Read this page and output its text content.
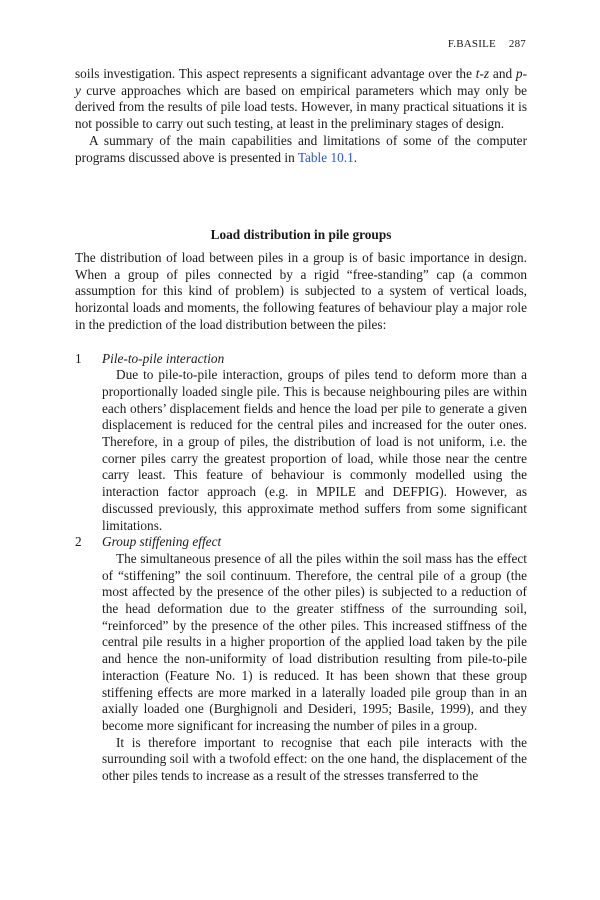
F.BASILE 287

soils investigation. This aspect represents a significant advantage over the t-z and p-y curve approaches which are based on empirical parameters which may only be derived from the results of pile load tests. However, in many practical situations it is not possible to carry out such testing, at least in the preliminary stages of design.

A summary of the main capabilities and limitations of some of the computer programs discussed above is presented in Table 10.1.

Load distribution in pile groups

The distribution of load between piles in a group is of basic importance in design. When a group of piles connected by a rigid “free-standing” cap (a common assumption for this kind of problem) is subjected to a system of vertical loads, horizontal loads and moments, the following features of behaviour play a major role in the prediction of the load distribution between the piles:

1 Pile-to-pile interaction

Due to pile-to-pile interaction, groups of piles tend to deform more than a proportionally loaded single pile. This is because neighbouring piles are within each others’ displacement fields and hence the load per pile to generate a given displacement is reduced for the central piles and increased for the outer ones. Therefore, in a group of piles, the distribution of load is not uniform, i.e. the corner piles carry the greatest proportion of load, while those near the centre carry least. This feature of behaviour is commonly modelled using the interaction factor approach (e.g. in MPILE and DEFPIG). However, as discussed previously, this approximate method suffers from some significant limitations.

2 Group stiffening effect

The simultaneous presence of all the piles within the soil mass has the effect of “stiffening” the soil continuum. Therefore, the central pile of a group (the most affected by the presence of the other piles) is subjected to a reduction of the head deformation due to the greater stiffness of the surrounding soil, “reinforced” by the presence of the other piles. This increased stiffness of the central pile results in a higher proportion of the applied load taken by the pile and hence the non-uniformity of load distribution resulting from pile-to-pile interaction (Feature No. 1) is reduced. It has been shown that these group stiffening effects are more marked in a laterally loaded pile group than in an axially loaded one (Burghignoli and Desideri, 1995; Basile, 1999), and they become more significant for increasing the number of piles in a group.

It is therefore important to recognise that each pile interacts with the surrounding soil with a twofold effect: on the one hand, the displacement of the other piles tends to increase as a result of the stresses transferred to the
